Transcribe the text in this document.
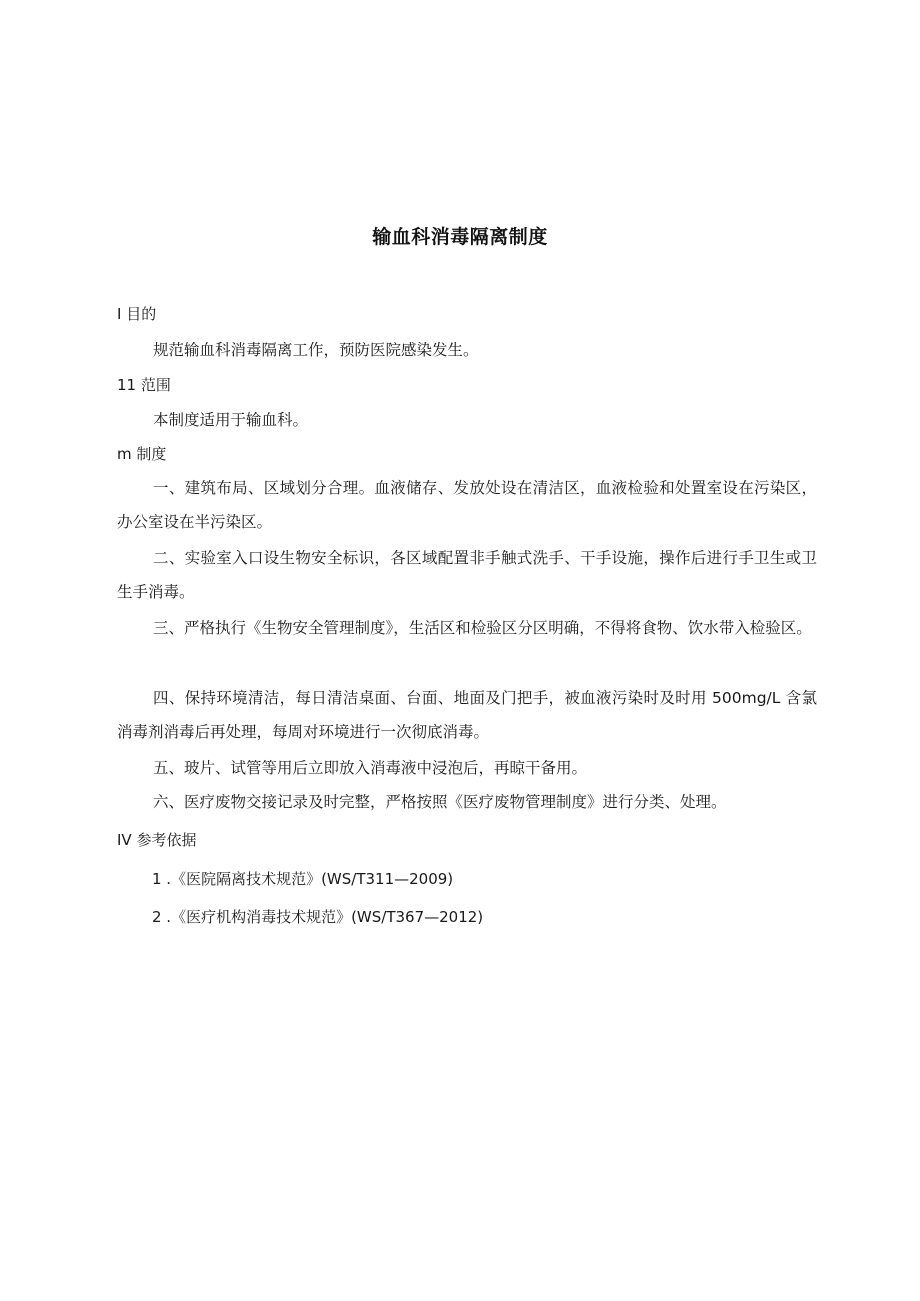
输血科消毒隔离制度
I 目的
规范输血科消毒隔离工作，预防医院感染发生。
11 范围
本制度适用于输血科。
m 制度
一、建筑布局、区域划分合理。血液储存、发放处设在清洁区，血液检验和处置室设在污染区，办公室设在半污染区。
二、实验室入口设生物安全标识，各区域配置非手触式洗手、干手设施，操作后进行手卫生或卫生手消毒。
三、严格执行《生物安全管理制度》，生活区和检验区分区明确，不得将食物、饮水带入检验区。
四、保持环境清洁，每日清洁桌面、台面、地面及门把手，被血液污染时及时用 500mg/L 含氯消毒剂消毒后再处理，每周对环境进行一次彻底消毒。
五、玻片、试管等用后立即放入消毒液中浸泡后，再晾干备用。
六、医疗废物交接记录及时完整，严格按照《医疗废物管理制度》进行分类、处理。
IV 参考依据
1 .《医院隔离技术规范》(WS/T311—2009)
2 .《医疗机构消毒技术规范》(WS/T367—2012)
